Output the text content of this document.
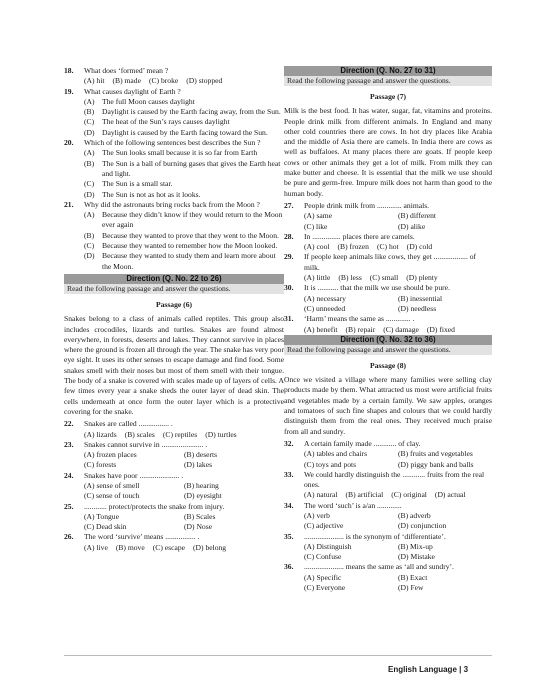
18. What does ‘formed’ mean ?
(A) hit (B) made (C) broke (D) stopped
19. What causes daylight of Earth ?
(A) The full Moon causes daylight
(B) Daylight is caused by the Earth facing away, from the Sun.
(C) The heat of the Sun’s rays causes daylight
(D) Daylight is caused by the Earth facing toward the Sun.
20. Which of the following sentences best describes the Sun ?
(A) The Sun looks small because it is so far from Earth
(B) The Sun is a ball of burning gases that gives the Earth heat and light.
(C) The Sun is a small star.
(D) The Sun is not as hot as it looks.
21. Why did the astronauts bring rocks back from the Moon ?
(A) Because they didn’t know if they would return to the Moon ever again
(B) Because they wanted to prove that they went to the Moon.
(C) Because they wanted to remember how the Moon looked.
(D) Because they wanted to study them and learn more about the Moon.
Direction (Q. No. 22 to 26)
Read the following passage and answer the questions.
Passage (6)
Snakes belong to a class of animals called reptiles. This group also includes crocodiles, lizards and turtles. Snakes are found almost everywhere, in forests, deserts and lakes. They cannot survive in places where the ground is frozen all through the year. The snake has very poor eye sight. It uses its other senses to escape damage and find food. Some snakes smell with their noses but most of them smell with their tongue. The body of a snake is covered with scales made up of layers of cells. A few times every year a snake sheds the outer layer of dead skin. The cells underneath at once form the outer layer which is a protective covering for the snake.
22. Snakes are called ................ .
(A) lizards (B) scales (C) reptiles (D) turtles
23. Snakes cannot survive in ...................... .
(A) frozen places	(B) deserts
(C) forests	(D) lakes
24. Snakes have poor ..................... .
(A) sense of smell	(B) hearing
(C) sense of touch	(D) eyesight
25. ............ protect/protects the snake from injury.
(A) Tongue	(B) Scales
(C) Dead skin	(D) Nose
26. The word ‘survive’ means ................ .
(A) live (B) move (C) escape (D) belong
Direction (Q. No. 27 to 31)
Read the following passage and answer the questions.
Passage (7)
Milk is the best food. It has water, sugar, fat, vitamins and proteins. People drink milk from different animals. In England and many other cold countries there are cows. In hot dry places like Arabia and the middle of Asia there are camels. In India there are cows as well as buffaloes. At many places there are goats. If people keep cows or other animals they get a lot of milk. From milk they can make butter and cheese. It is essential that the milk we use should be pure and germ-free. Impure milk does not harm than good to the human body.
27. People drink milk from ............. animals.
(A) same	(B) different
(C) like	(D) alike
28. In ............... places there are camels.
(A) cool (B) frozen (C) hot (D) cold
29. If people keep animals like cows, they get .................. of milk.
(A) little (B) less (C) small (D) plenty
30. It is ........... that the milk we use should be pure.
(A) necessary	(B) inessential
(C) unneeded	(D) needless
31. ‘Harm’ means the same as ............. .
(A) benefit (B) repair (C) damage (D) fixed
Direction (Q. No. 32 to 36)
Read the following passage and answer the questions.
Passage (8)
Once we visited a village where many families were selling clay products made by them. What attracted us most were artificial fruits and vegetables made by a certain family. We saw apples, oranges and tomatoes of such fine shapes and colours that we could hardly distinguish them from the real ones. They received much praise from all and sundry.
32. A certain family made ............ of clay.
(A) tables and chairs	(B) fruits and vegetables
(C) toys and pots	(D) piggy bank and balls
33. We could hardly distinguish the ............ fruits from the real ones.
(A) natural (B) artificial (C) original (D) actual
34. The word ‘such’ is a/an .............
(A) verb	(B) adverb
(C) adjective	(D) conjunction
35. ..................... is the synonym of ‘differentiate’.
(A) Distinguish	(B) Mix-up
(C) Confuse	(D) Mistake
36. ..................... means the same as ‘all and sundry’.
(A) Specific	(B) Exact
(C) Everyone	(D) Few
English Language | 3
